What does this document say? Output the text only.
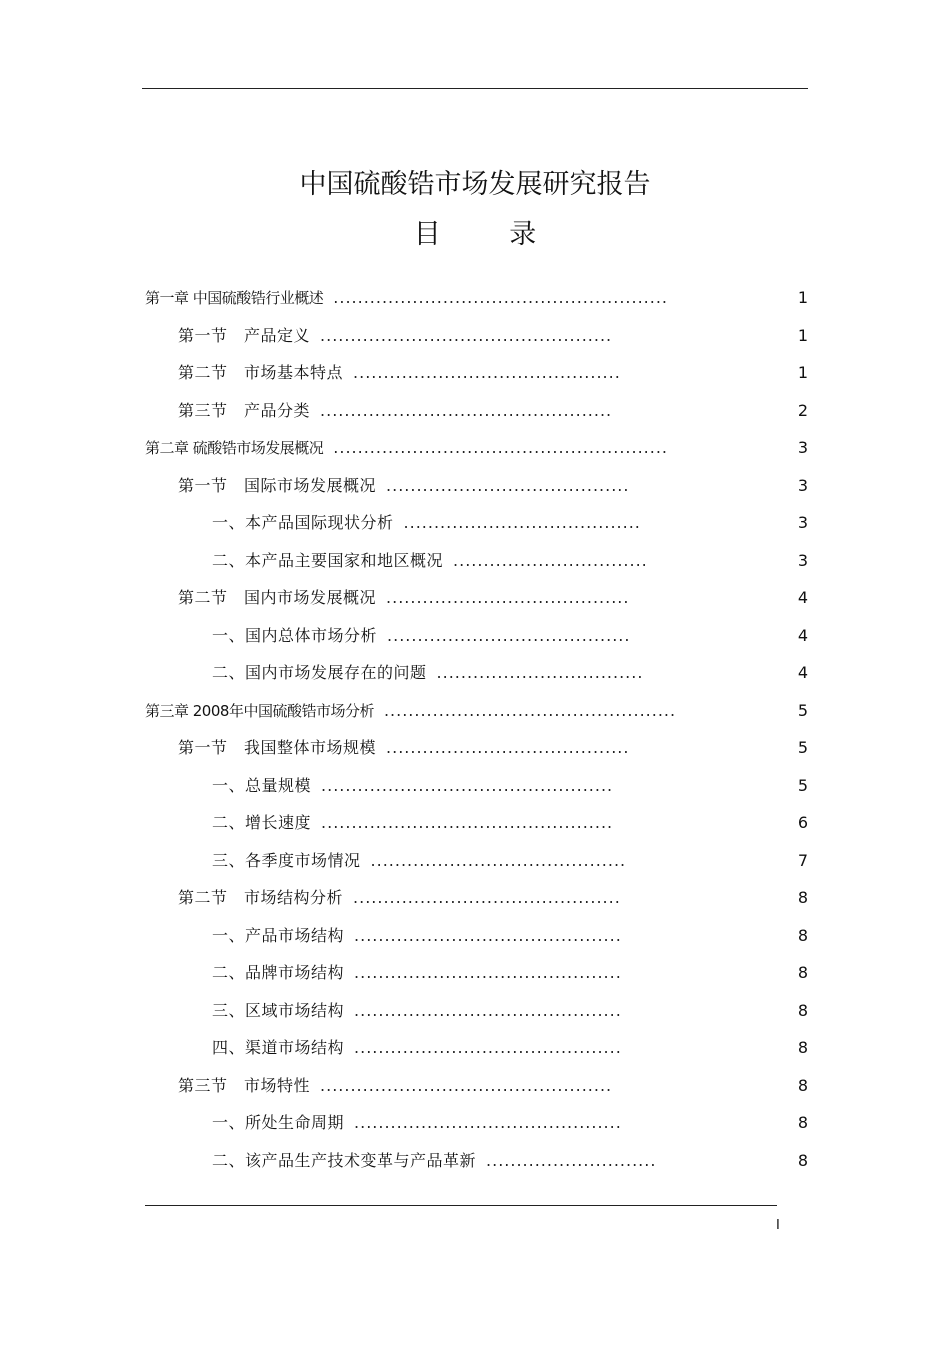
中国硫酸锆市场发展研究报告
目 录
第一章 中国硫酸锆行业概述 .......................................................	1
第一节　产品定义 ................................................	1
第二节　市场基本特点 ............................................	1
第三节　产品分类 ................................................	2
第二章 硫酸锆市场发展概况 .......................................................	3
第一节　国际市场发展概况 ........................................	3
一、本产品国际现状分析 .......................................	3
二、本产品主要国家和地区概况 ................................	3
第二节　国内市场发展概况 ........................................	4
一、国内总体市场分析 ........................................	4
二、国内市场发展存在的问题 ..................................	4
第三章 2008年中国硫酸锆市场分析 ................................................	5
第一节　我国整体市场规模 ........................................	5
一、总量规模 ................................................	5
二、增长速度 ................................................	6
三、各季度市场情况 ..........................................	7
第二节　市场结构分析 ............................................	8
一、产品市场结构 ............................................	8
二、品牌市场结构 ............................................	8
三、区域市场结构 ............................................	8
四、渠道市场结构 ............................................	8
第三节　市场特性 ................................................	8
一、所处生命周期 ............................................	8
二、该产品生产技术变革与产品革新 ............................	8
I
